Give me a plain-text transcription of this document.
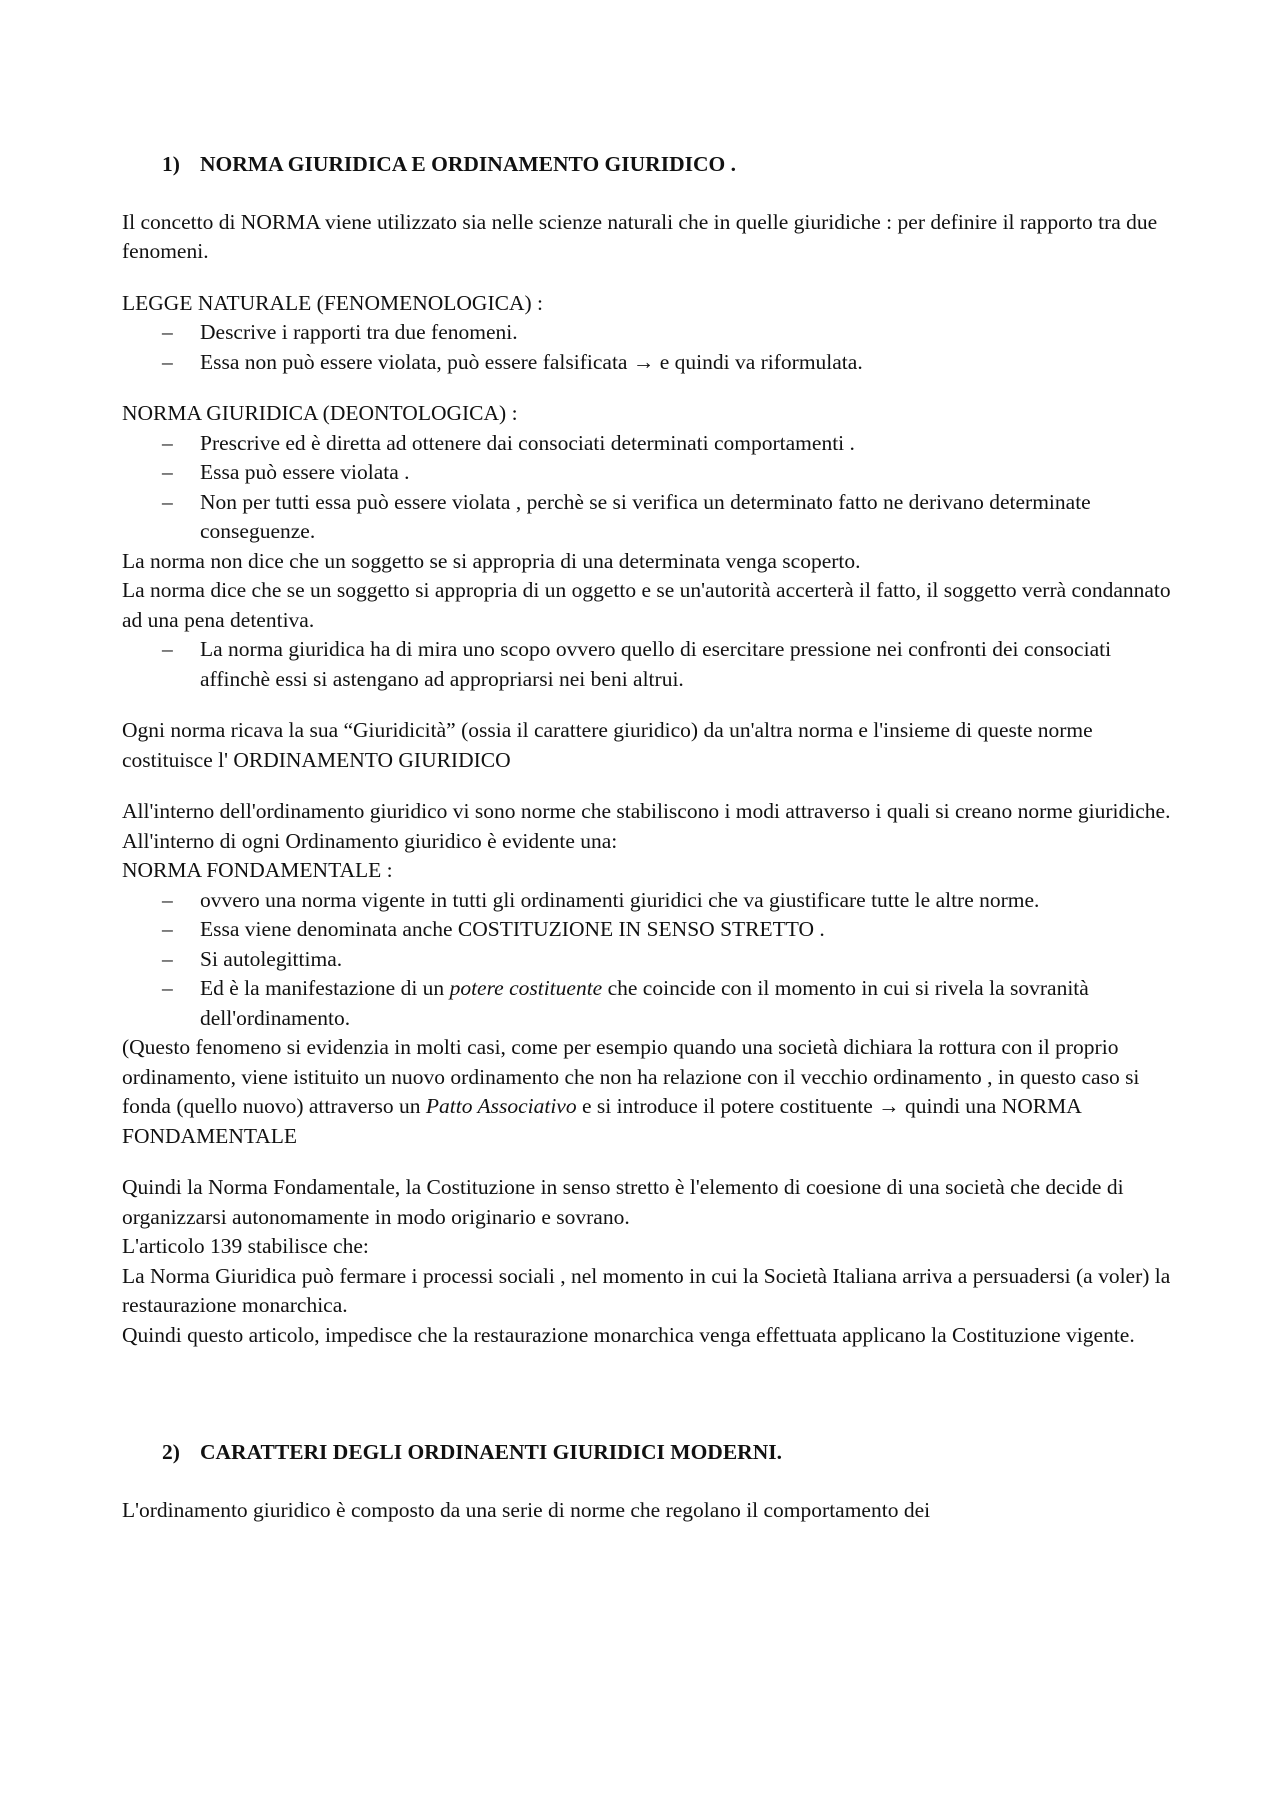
1) NORMA GIURIDICA E ORDINAMENTO GIURIDICO .

Il concetto di NORMA viene utilizzato sia nelle scienze naturali che in quelle giuridiche : per definire il rapporto tra due fenomeni.

LEGGE NATURALE (FENOMENOLOGICA) :

– Descrive i rapporti tra due fenomeni.
– Essa non può essere violata, può essere falsificata → e quindi va riformulata.

NORMA GIURIDICA (DEONTOLOGICA) :

– Prescrive ed è diretta ad ottenere dai consociati determinati comportamenti .
– Essa può essere violata .
– Non per tutti essa può essere violata , perchè se si verifica un determinato fatto ne derivano determinate conseguenze.

La norma non dice che un soggetto se si appropria di una determinata venga scoperto.

La norma dice che se un soggetto si appropria di un oggetto e se un'autorità accerterà il fatto, il soggetto verrà condannato ad una pena detentiva.

– La norma giuridica ha di mira uno scopo ovvero quello di esercitare pressione nei confronti dei consociati affinchè essi si astengano ad appropriarsi nei beni altrui.

Ogni norma ricava la sua “Giuridicità” (ossia il carattere giuridico) da un'altra norma e l'insieme di queste norme costituisce l' ORDINAMENTO GIURIDICO

All'interno dell'ordinamento giuridico vi sono norme che stabiliscono i modi attraverso i quali si creano norme giuridiche.

All'interno di ogni Ordinamento giuridico è evidente una:

NORMA FONDAMENTALE :

– ovvero una norma vigente in tutti gli ordinamenti giuridici che va giustificare tutte le altre norme.
– Essa viene denominata anche COSTITUZIONE IN SENSO STRETTO .
– Si autolegittima.
– Ed è la manifestazione di un potere costituente che coincide con il momento in cui si rivela la sovranità dell'ordinamento.

(Questo fenomeno si evidenzia in molti casi, come per esempio quando una società dichiara la rottura con il proprio ordinamento, viene istituito un nuovo ordinamento che non ha relazione con il vecchio ordinamento , in questo caso si fonda (quello nuovo) attraverso un Patto Associativo e si introduce il potere costituente → quindi una NORMA FONDAMENTALE

Quindi la Norma Fondamentale, la Costituzione in senso stretto è l'elemento di coesione di una società che decide di organizzarsi autonomamente in modo originario e sovrano.

L'articolo 139 stabilisce che:

La Norma Giuridica può fermare i processi sociali , nel momento in cui la Società Italiana arriva a persuadersi (a voler) la restaurazione monarchica.

Quindi questo articolo, impedisce che la restaurazione monarchica venga effettuata applicano la Costituzione vigente.

2) CARATTERI DEGLI ORDINAENTI GIURIDICI MODERNI.

L'ordinamento giuridico è composto da una serie di norme che regolano il comportamento dei
